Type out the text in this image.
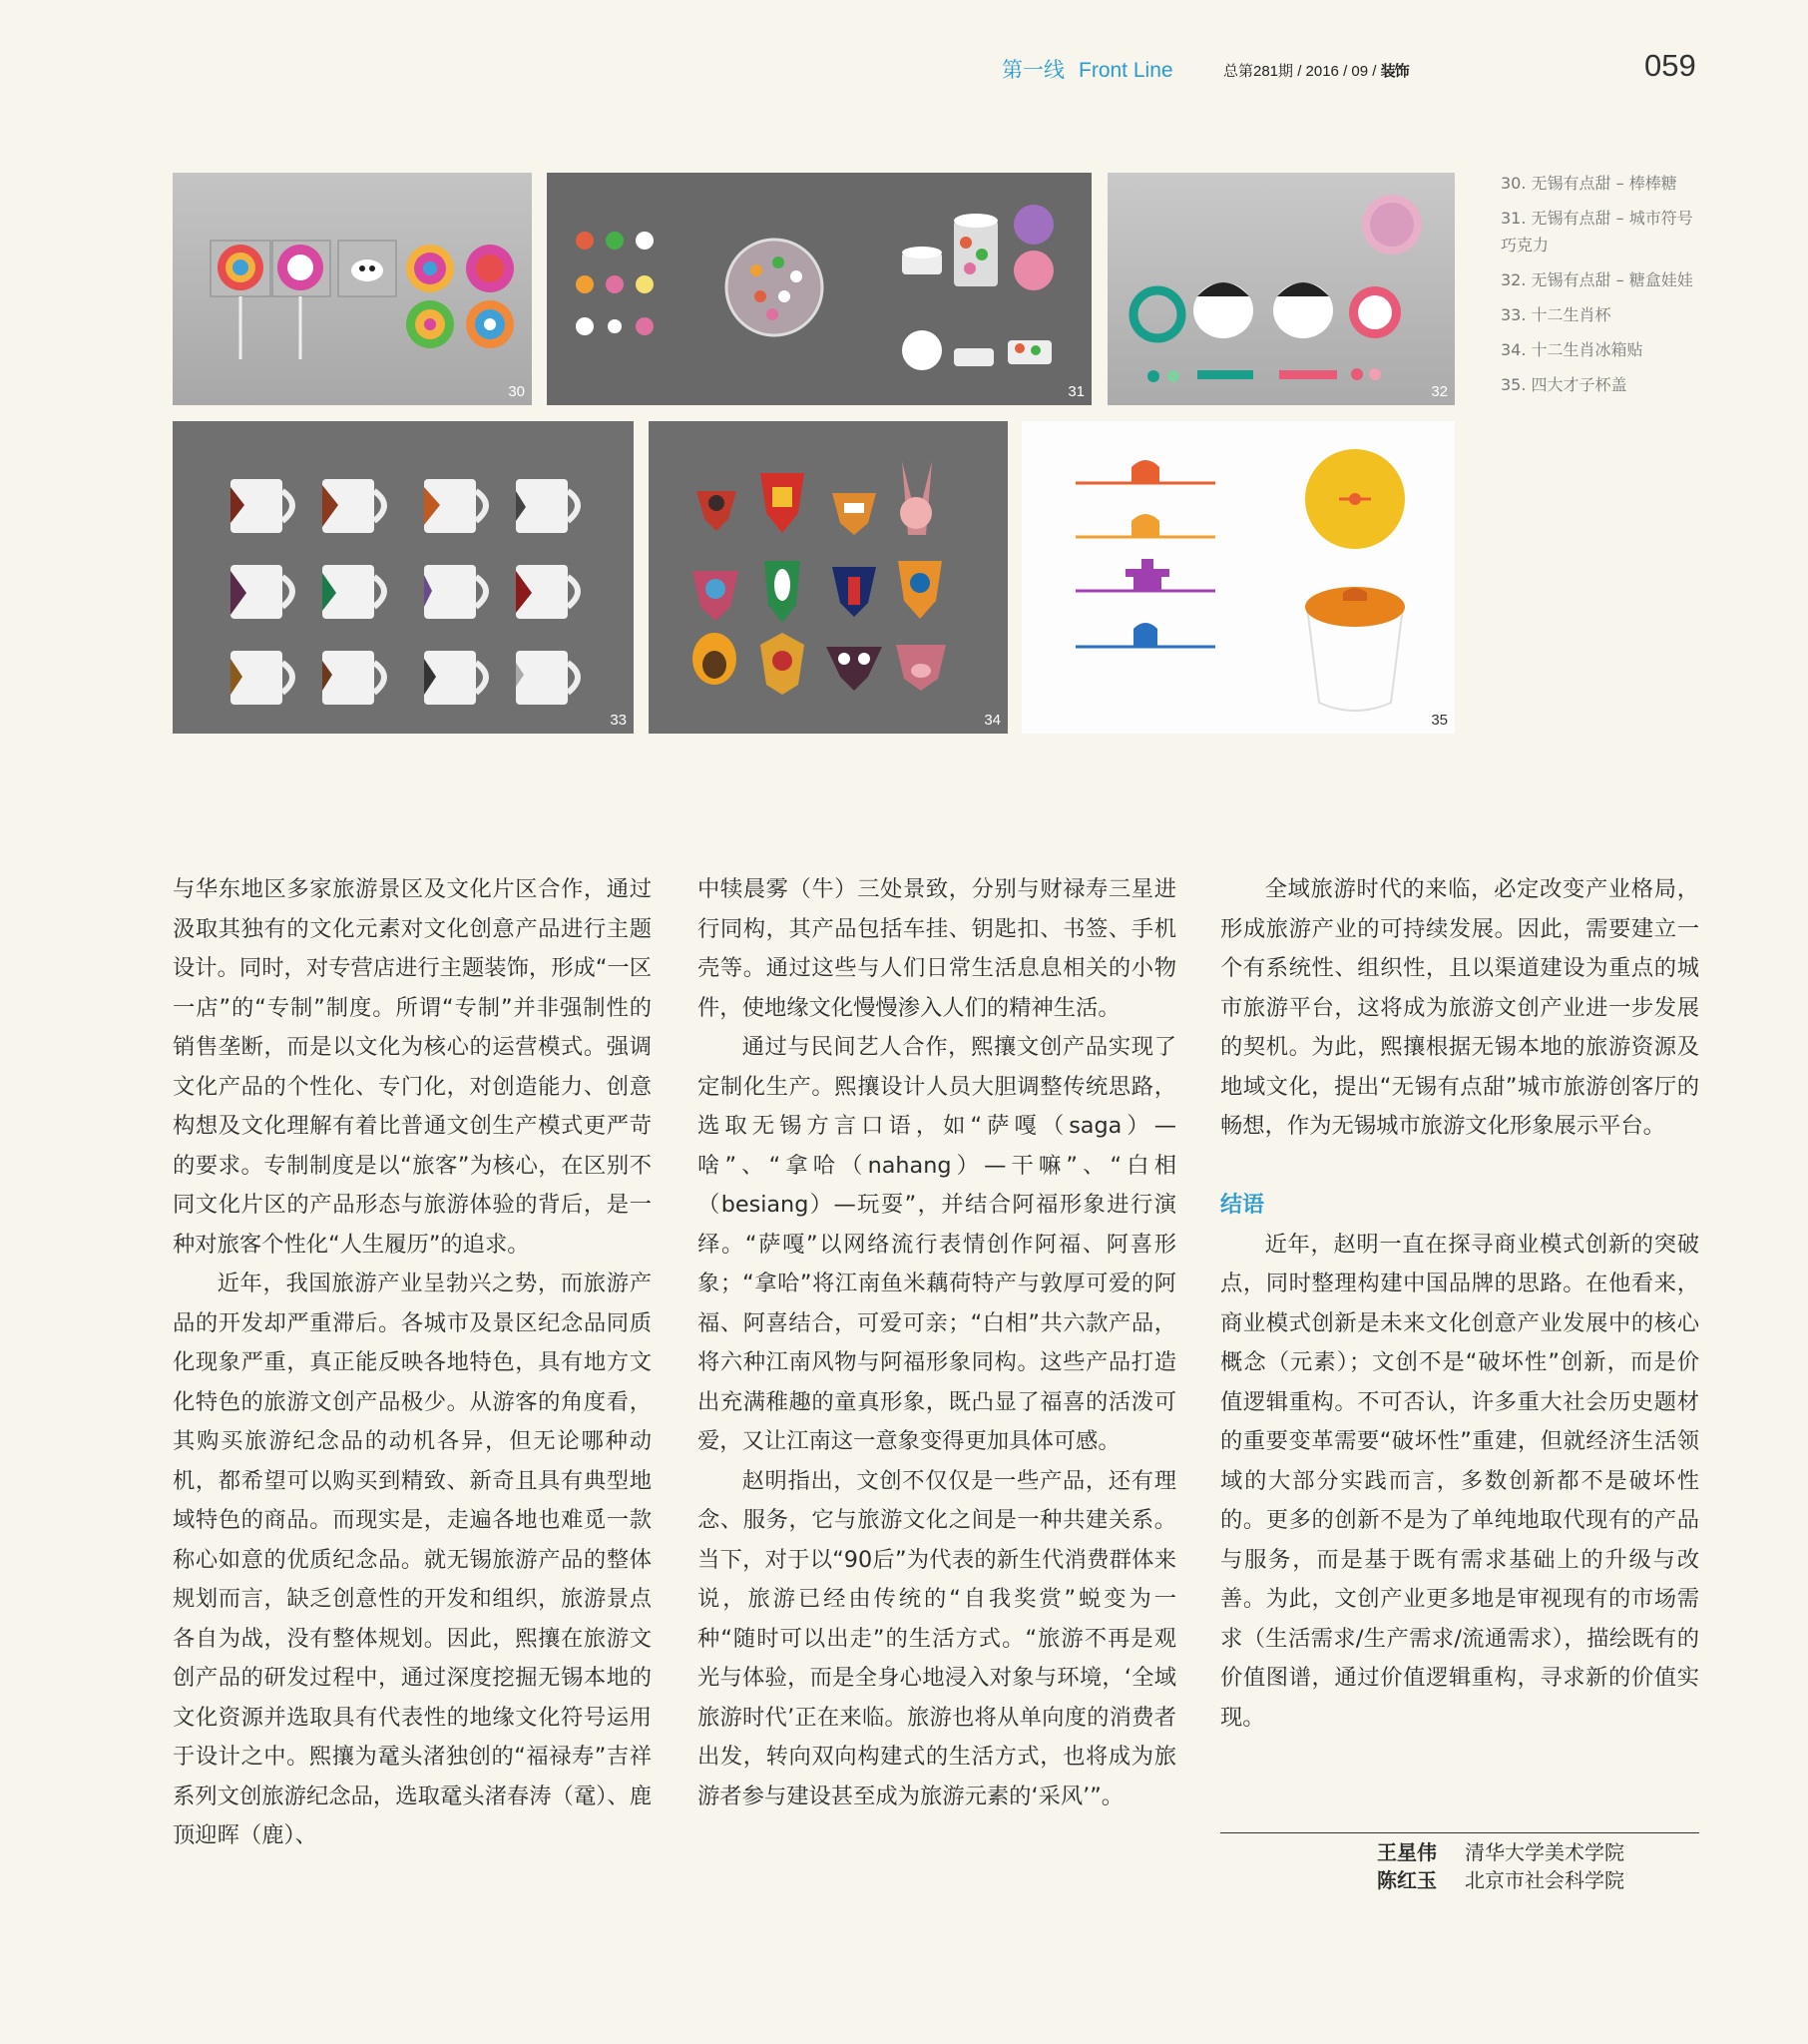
第一线 Front Line	总第281期 / 2016 / 09 / 装饰	059
30	31	32
33	34	35
30. 无锡有点甜 – 棒棒糖
31. 无锡有点甜 – 城市符号巧克力
32. 无锡有点甜 – 糖盒娃娃
33. 十二生肖杯
34. 十二生肖冰箱贴
35. 四大才子杯盖

与华东地区多家旅游景区及文化片区合作，通过汲取其独有的文化元素对文化创意产品进行主题设计。同时，对专营店进行主题装饰，形成“一区一店”的“专制”制度。所谓“专制”并非强制性的销售垄断，而是以文化为核心的运营模式。强调文化产品的个性化、专门化，对创造能力、创意构想及文化理解有着比普通文创生产模式更严苛的要求。专制制度是以“旅客”为核心，在区别不同文化片区的产品形态与旅游体验的背后，是一种对旅客个性化“人生履历”的追求。

近年，我国旅游产业呈勃兴之势，而旅游产品的开发却严重滞后。各城市及景区纪念品同质化现象严重，真正能反映各地特色，具有地方文化特色的旅游文创产品极少。从游客的角度看，其购买旅游纪念品的动机各异，但无论哪种动机，都希望可以购买到精致、新奇且具有典型地域特色的商品。而现实是，走遍各地也难觅一款称心如意的优质纪念品。就无锡旅游产品的整体规划而言，缺乏创意性的开发和组织，旅游景点各自为战，没有整体规划。因此，熙攘在旅游文创产品的研发过程中，通过深度挖掘无锡本地的文化资源并选取具有代表性的地缘文化符号运用于设计之中。熙攘为鼋头渚独创的“福禄寿”吉祥系列文创旅游纪念品，选取鼋头渚春涛（鼋）、鹿顶迎晖（鹿）、

中犊晨雾（牛）三处景致，分别与财禄寿三星进行同构，其产品包括车挂、钥匙扣、书签、手机壳等。通过这些与人们日常生活息息相关的小物件，使地缘文化慢慢渗入人们的精神生活。

通过与民间艺人合作，熙攘文创产品实现了定制化生产。熙攘设计人员大胆调整传统思路，选取无锡方言口语，如“萨嘎（saga）—啥”、“拿哈（nahang）—干嘛”、“白相（besiang）—玩耍”，并结合阿福形象进行演绎。“萨嘎”以网络流行表情创作阿福、阿喜形象；“拿哈”将江南鱼米藕荷特产与敦厚可爱的阿福、阿喜结合，可爱可亲；“白相”共六款产品，将六种江南风物与阿福形象同构。这些产品打造出充满稚趣的童真形象，既凸显了福喜的活泼可爱，又让江南这一意象变得更加具体可感。

赵明指出，文创不仅仅是一些产品，还有理念、服务，它与旅游文化之间是一种共建关系。当下，对于以“90后”为代表的新生代消费群体来说，旅游已经由传统的“自我奖赏”蜕变为一种“随时可以出走”的生活方式。“旅游不再是观光与体验，而是全身心地浸入对象与环境，‘全域旅游时代’正在来临。旅游也将从单向度的消费者出发，转向双向构建式的生活方式，也将成为旅游者参与建设甚至成为旅游元素的‘采风’”。

全域旅游时代的来临，必定改变产业格局，形成旅游产业的可持续发展。因此，需要建立一个有系统性、组织性，且以渠道建设为重点的城市旅游平台，这将成为旅游文创产业进一步发展的契机。为此，熙攘根据无锡本地的旅游资源及地域文化，提出“无锡有点甜”城市旅游创客厅的畅想，作为无锡城市旅游文化形象展示平台。

结语

近年，赵明一直在探寻商业模式创新的突破点，同时整理构建中国品牌的思路。在他看来，商业模式创新是未来文化创意产业发展中的核心概念（元素）；文创不是“破坏性”创新，而是价值逻辑重构。不可否认，许多重大社会历史题材的重要变革需要“破坏性”重建，但就经济生活领域的大部分实践而言，多数创新都不是破坏性的。更多的创新不是为了单纯地取代现有的产品与服务，而是基于既有需求基础上的升级与改善。为此，文创产业更多地是审视现有的市场需求（生活需求/生产需求/流通需求），描绘既有的价值图谱，通过价值逻辑重构，寻求新的价值实现。

王星伟 清华大学美术学院
陈红玉 北京市社会科学院
